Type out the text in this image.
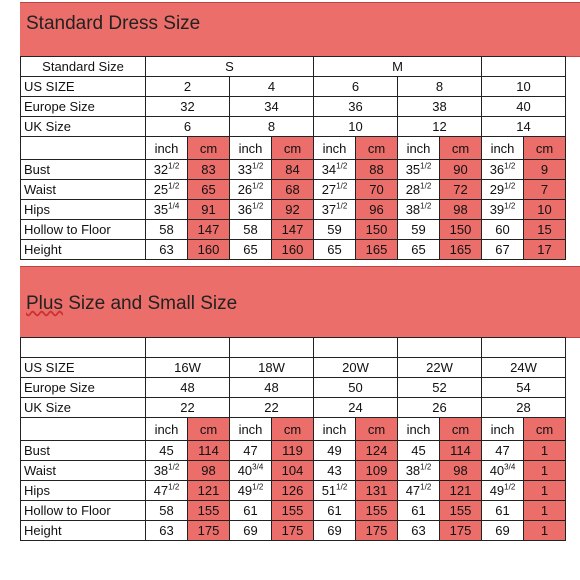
Standard Dress Size
Standard Size	S				M					
US SIZE	2		4		6		8		10	
Europe Size	32		34		36		38		40	
UK Size	6		8		10		12		14	
	inch	cm	inch	cm	inch	cm	inch	cm	inch	cm
Bust	$32^{1/2}$	83	$33^{1/2}$	84	$34^{1/2}$	88	$35^{1/2}$	90	$36^{1/2}$	9
Waist	$25^{1/2}$	65	$26^{1/2}$	68	$27^{1/2}$	70	$28^{1/2}$	72	$29^{1/2}$	7
Hips	$35^{1/4}$	91	$36^{1/2}$	92	$37^{1/2}$	96	$38^{1/2}$	98	$39^{1/2}$	10
Hollow to Floor	58	147	58	147	59	150	59	150	60	15
Height	63	160	65	160	65	165	65	165	67	17
Plus Size and Small Size

US SIZE	16W		18W		20W		22W		24W	
Europe Size	48		48		50		52		54	
UK Size	22		22		24		26		28	
	inch	cm	inch	cm	inch	cm	inch	cm	inch	cm
Bust	45	114	47	119	49	124	45	114	47	1
Waist	$38^{1/2}$	98	$40^{3/4}$	104	43	109	$38^{1/2}$	98	$40^{3/4}$	1
Hips	$47^{1/2}$	121	$49^{1/2}$	126	$51^{1/2}$	131	$47^{1/2}$	121	$49^{1/2}$	1
Hollow to Floor	58	155	61	155	61	155	61	155	61	1
Height	63	175	69	175	69	175	63	175	69	1
